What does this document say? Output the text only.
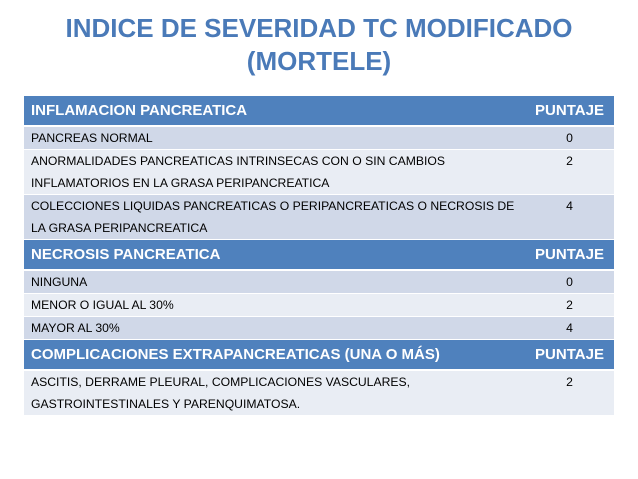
INDICE DE SEVERIDAD TC MODIFICADO
(MORTELE)
INFLAMACION PANCREATICA	PUNTAJE
PANCREAS NORMAL	0
ANORMALIDADES PANCREATICAS INTRINSECAS CON O SIN CAMBIOS INFLAMATORIOS EN LA GRASA PERIPANCREATICA	2
COLECCIONES LIQUIDAS PANCREATICAS O PERIPANCREATICAS O NECROSIS DE LA GRASA PERIPANCREATICA	4
NECROSIS PANCREATICA	PUNTAJE
NINGUNA	0
MENOR O IGUAL AL 30%	2
MAYOR AL 30%	4
COMPLICACIONES EXTRAPANCREATICAS (UNA O MÁS)	PUNTAJE
ASCITIS, DERRAME PLEURAL, COMPLICACIONES VASCULARES, GASTROINTESTINALES Y PARENQUIMATOSA.	2
